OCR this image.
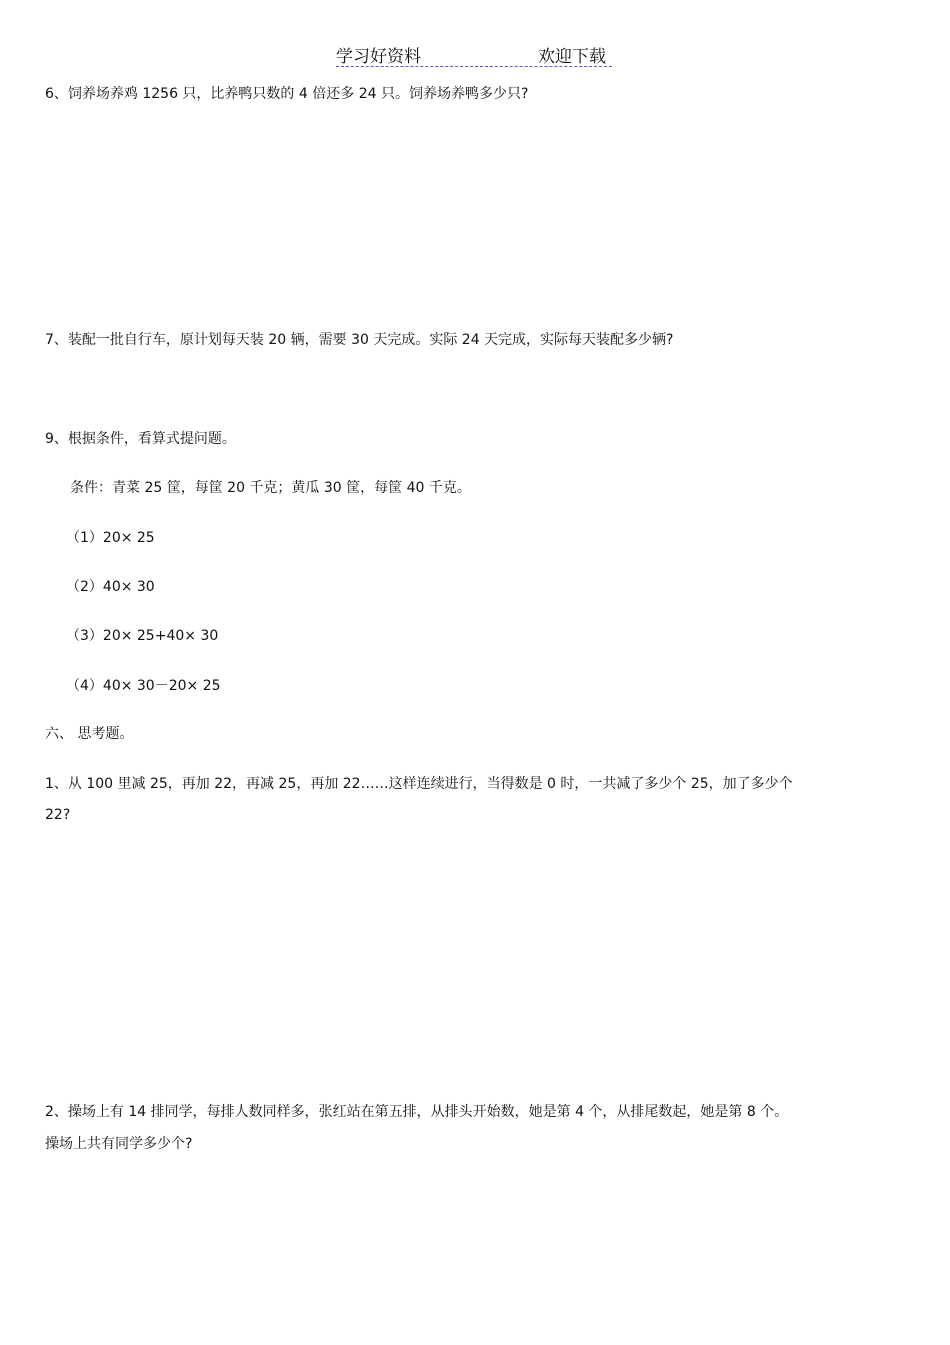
学习好资料	欢迎下载
6、饲养场养鸡 1256 只，比养鸭只数的 4 倍还多 24 只。饲养场养鸭多少只?
7、装配一批自行车，原计划每天装 20 辆，需要 30 天完成。实际 24 天完成，实际每天装配多少辆?
9、根据条件，看算式提问题。
条件：青菜 25 筐，每筐 20 千克；黄瓜 30 筐，每筐 40 千克。
（1）20× 25
（2）40× 30
（3）20× 25+40× 30
（4）40× 30－20× 25
六、 思考题。
1、从 100 里减 25，再加 22，再减 25，再加 22……这样连续进行，当得数是 0 时，一共减了多少个 25，加了多少个
22?
2、操场上有 14 排同学，每排人数同样多，张红站在第五排，从排头开始数，她是第 4 个，从排尾数起，她是第 8 个。
操场上共有同学多少个?
